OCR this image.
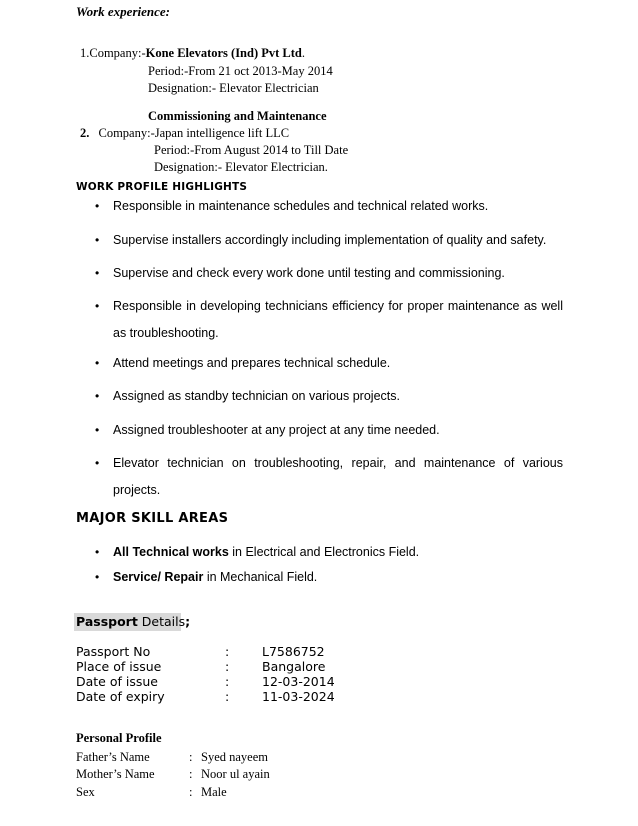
Work experience:
1.Company:-Kone Elevators (Ind) Pvt Ltd.
Period:-From 21 oct 2013-May 2014
Designation:- Elevator Electrician
Commissioning and Maintenance
2. Company:-Japan intelligence lift LLC
Period:-From August 2014 to Till Date
Designation:- Elevator Electrician.
WORK PROFILE HIGHLIGHTS
• Responsible in maintenance schedules and technical related works.
• Supervise installers accordingly including implementation of quality and safety.
• Supervise and check every work done until testing and commissioning.
• Responsible in developing technicians efficiency for proper maintenance as well as troubleshooting.
• Attend meetings and prepares technical schedule.
• Assigned as standby technician on various projects.
• Assigned troubleshooter at any project at any time needed.
• Elevator technician on troubleshooting, repair, and maintenance of various projects.
MAJOR SKILL AREAS
• All Technical works in Electrical and Electronics Field.
• Service/ Repair in Mechanical Field.
Passport Details;
Passport No	:	L7586752
Place of issue	:	Bangalore
Date of issue	:	12-03-2014
Date of expiry	:	11-03-2024
Personal Profile
Father’s Name	: Syed nayeem
Mother’s Name	: Noor ul ayain
Sex	: Male
